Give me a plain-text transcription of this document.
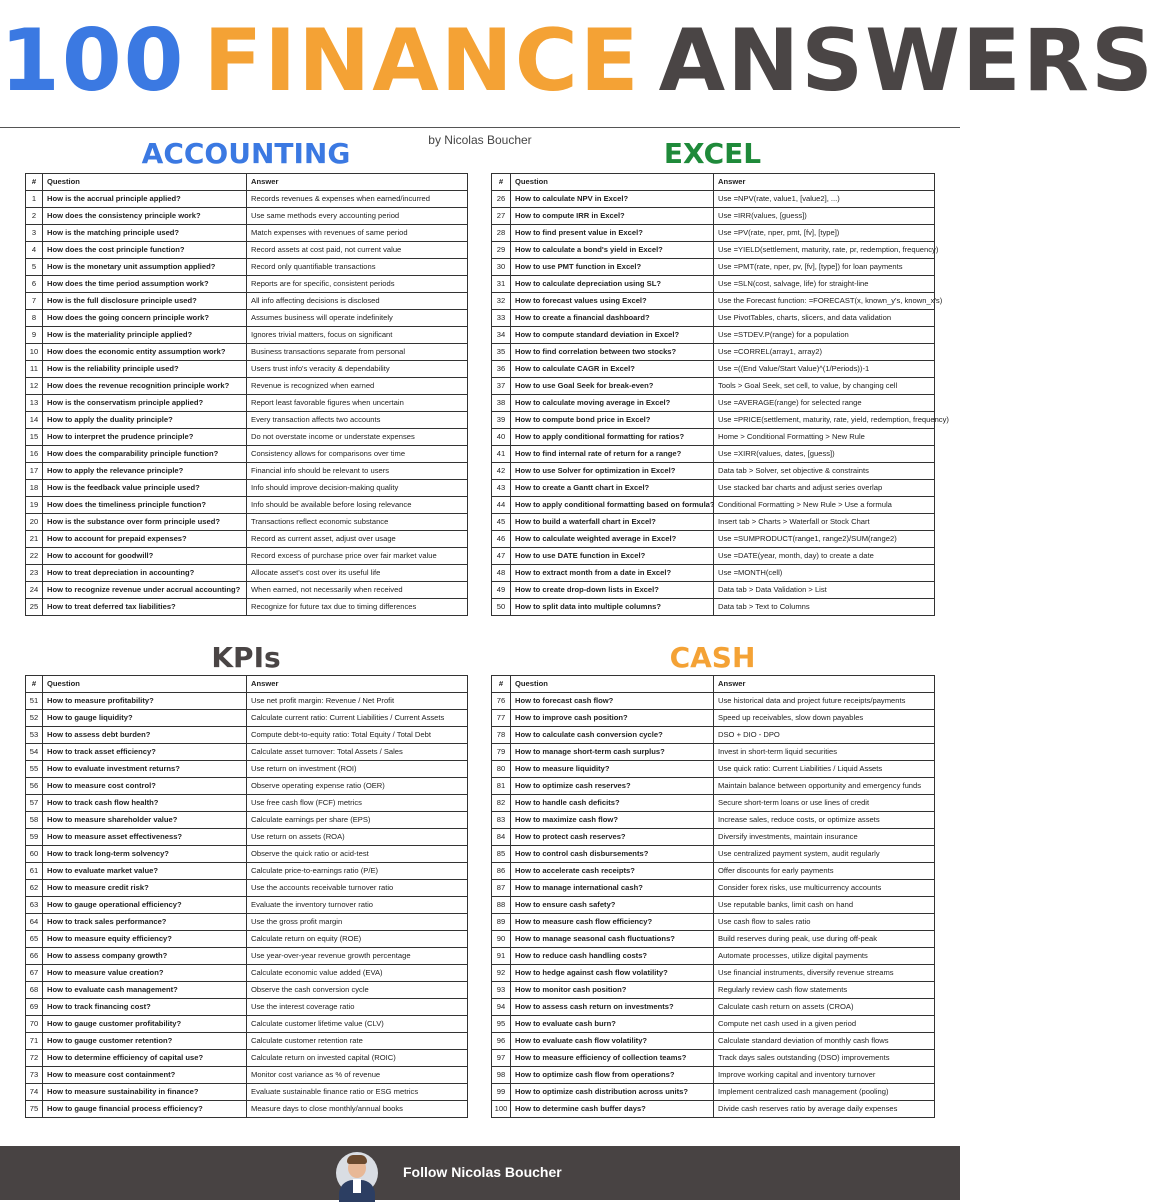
100 FINANCE ANSWERS
by Nicolas Boucher
ACCOUNTING	EXCEL
KPIs	CASH
#	Question	Answer
1	How is the accrual principle applied?	Records revenues & expenses when earned/incurred
2	How does the consistency principle work?	Use same methods every accounting period
3	How is the matching principle used?	Match expenses with revenues of same period
4	How does the cost principle function?	Record assets at cost paid, not current value
5	How is the monetary unit assumption applied?	Record only quantifiable transactions
6	How does the time period assumption work?	Reports are for specific, consistent periods
7	How is the full disclosure principle used?	All info affecting decisions is disclosed
8	How does the going concern principle work?	Assumes business will operate indefinitely
9	How is the materiality principle applied?	Ignores trivial matters, focus on significant
10	How does the economic entity assumption work?	Business transactions separate from personal
11	How is the reliability principle used?	Users trust info's veracity & dependability
12	How does the revenue recognition principle work?	Revenue is recognized when earned
13	How is the conservatism principle applied?	Report least favorable figures when uncertain
14	How to apply the duality principle?	Every transaction affects two accounts
15	How to interpret the prudence principle?	Do not overstate income or understate expenses
16	How does the comparability principle function?	Consistency allows for comparisons over time
17	How to apply the relevance principle?	Financial info should be relevant to users
18	How is the feedback value principle used?	Info should improve decision-making quality
19	How does the timeliness principle function?	Info should be available before losing relevance
20	How is the substance over form principle used?	Transactions reflect economic substance
21	How to account for prepaid expenses?	Record as current asset, adjust over usage
22	How to account for goodwill?	Record excess of purchase price over fair market value
23	How to treat depreciation in accounting?	Allocate asset's cost over its useful life
24	How to recognize revenue under accrual accounting?	When earned, not necessarily when received
25	How to treat deferred tax liabilities?	Recognize for future tax due to timing differences
#	Question	Answer
26	How to calculate NPV in Excel?	Use =NPV(rate, value1, [value2], ...)
27	How to compute IRR in Excel?	Use =IRR(values, [guess])
28	How to find present value in Excel?	Use =PV(rate, nper, pmt, [fv], [type])
29	How to calculate a bond's yield in Excel?	Use =YIELD(settlement, maturity, rate, pr, redemption, frequency)
30	How to use PMT function in Excel?	Use =PMT(rate, nper, pv, [fv], [type]) for loan payments
31	How to calculate depreciation using SL?	Use =SLN(cost, salvage, life) for straight-line
32	How to forecast values using Excel?	Use the Forecast function: =FORECAST(x, known_y's, known_x's)
33	How to create a financial dashboard?	Use PivotTables, charts, slicers, and data validation
34	How to compute standard deviation in Excel?	Use =STDEV.P(range) for a population
35	How to find correlation between two stocks?	Use =CORREL(array1, array2)
36	How to calculate CAGR in Excel?	Use =((End Value/Start Value)^(1/Periods))-1
37	How to use Goal Seek for break-even?	Tools > Goal Seek, set cell, to value, by changing cell
38	How to calculate moving average in Excel?	Use =AVERAGE(range) for selected range
39	How to compute bond price in Excel?	Use =PRICE(settlement, maturity, rate, yield, redemption, frequency)
40	How to apply conditional formatting for ratios?	Home > Conditional Formatting > New Rule
41	How to find internal rate of return for a range?	Use =XIRR(values, dates, [guess])
42	How to use Solver for optimization in Excel?	Data tab > Solver, set objective & constraints
43	How to create a Gantt chart in Excel?	Use stacked bar charts and adjust series overlap
44	How to apply conditional formatting based on formula?	Conditional Formatting > New Rule > Use a formula
45	How to build a waterfall chart in Excel?	Insert tab > Charts > Waterfall or Stock Chart
46	How to calculate weighted average in Excel?	Use =SUMPRODUCT(range1, range2)/SUM(range2)
47	How to use DATE function in Excel?	Use =DATE(year, month, day) to create a date
48	How to extract month from a date in Excel?	Use =MONTH(cell)
49	How to create drop-down lists in Excel?	Data tab > Data Validation > List
50	How to split data into multiple columns?	Data tab > Text to Columns
#	Question	Answer
51	How to measure profitability?	Use net profit margin: Revenue / Net Profit
52	How to gauge liquidity?	Calculate current ratio: Current Liabilities / Current Assets
53	How to assess debt burden?	Compute debt-to-equity ratio: Total Equity / Total Debt
54	How to track asset efficiency?	Calculate asset turnover: Total Assets / Sales
55	How to evaluate investment returns?	Use return on investment (ROI)
56	How to measure cost control?	Observe operating expense ratio (OER)
57	How to track cash flow health?	Use free cash flow (FCF) metrics
58	How to measure shareholder value?	Calculate earnings per share (EPS)
59	How to measure asset effectiveness?	Use return on assets (ROA)
60	How to track long-term solvency?	Observe the quick ratio or acid-test
61	How to evaluate market value?	Calculate price-to-earnings ratio (P/E)
62	How to measure credit risk?	Use the accounts receivable turnover ratio
63	How to gauge operational efficiency?	Evaluate the inventory turnover ratio
64	How to track sales performance?	Use the gross profit margin
65	How to measure equity efficiency?	Calculate return on equity (ROE)
66	How to assess company growth?	Use year-over-year revenue growth percentage
67	How to measure value creation?	Calculate economic value added (EVA)
68	How to evaluate cash management?	Observe the cash conversion cycle
69	How to track financing cost?	Use the interest coverage ratio
70	How to gauge customer profitability?	Calculate customer lifetime value (CLV)
71	How to gauge customer retention?	Calculate customer retention rate
72	How to determine efficiency of capital use?	Calculate return on invested capital (ROIC)
73	How to measure cost containment?	Monitor cost variance as % of revenue
74	How to measure sustainability in finance?	Evaluate sustainable finance ratio or ESG metrics
75	How to gauge financial process efficiency?	Measure days to close monthly/annual books
#	Question	Answer
76	How to forecast cash flow?	Use historical data and project future receipts/payments
77	How to improve cash position?	Speed up receivables, slow down payables
78	How to calculate cash conversion cycle?	DSO + DIO - DPO
79	How to manage short-term cash surplus?	Invest in short-term liquid securities
80	How to measure liquidity?	Use quick ratio: Current Liabilities / Liquid Assets
81	How to optimize cash reserves?	Maintain balance between opportunity and emergency funds
82	How to handle cash deficits?	Secure short-term loans or use lines of credit
83	How to maximize cash flow?	Increase sales, reduce costs, or optimize assets
84	How to protect cash reserves?	Diversify investments, maintain insurance
85	How to control cash disbursements?	Use centralized payment system, audit regularly
86	How to accelerate cash receipts?	Offer discounts for early payments
87	How to manage international cash?	Consider forex risks, use multicurrency accounts
88	How to ensure cash safety?	Use reputable banks, limit cash on hand
89	How to measure cash flow efficiency?	Use cash flow to sales ratio
90	How to manage seasonal cash fluctuations?	Build reserves during peak, use during off-peak
91	How to reduce cash handling costs?	Automate processes, utilize digital payments
92	How to hedge against cash flow volatility?	Use financial instruments, diversify revenue streams
93	How to monitor cash position?	Regularly review cash flow statements
94	How to assess cash return on investments?	Calculate cash return on assets (CROA)
95	How to evaluate cash burn?	Compute net cash used in a given period
96	How to evaluate cash flow volatility?	Calculate standard deviation of monthly cash flows
97	How to measure efficiency of collection teams?	Track days sales outstanding (DSO) improvements
98	How to optimize cash flow from operations?	Improve working capital and inventory turnover
99	How to optimize cash distribution across units?	Implement centralized cash management (pooling)
100	How to determine cash buffer days?	Divide cash reserves ratio by average daily expenses
Follow Nicolas Boucher
